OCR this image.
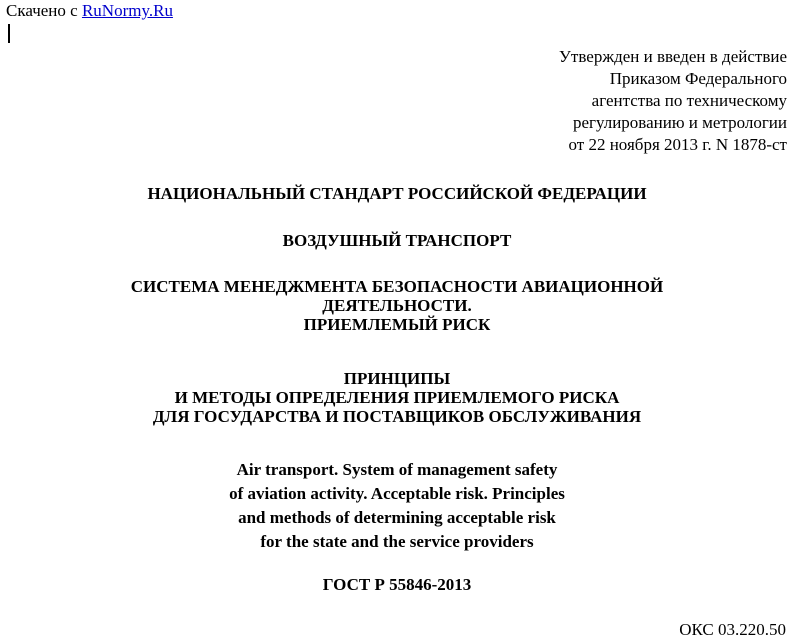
Скачено с RuNormy.Ru
Утвержден и введен в действие
Приказом Федерального
агентства по техническому
регулированию и метрологии
от 22 ноября 2013 г. N 1878-ст
НАЦИОНАЛЬНЫЙ СТАНДАРТ РОССИЙСКОЙ ФЕДЕРАЦИИ
ВОЗДУШНЫЙ ТРАНСПОРТ
СИСТЕМА МЕНЕДЖМЕНТА БЕЗОПАСНОСТИ АВИАЦИОННОЙ
ДЕЯТЕЛЬНОСТИ.
ПРИЕМЛЕМЫЙ РИСК
ПРИНЦИПЫ
И МЕТОДЫ ОПРЕДЕЛЕНИЯ ПРИЕМЛЕМОГО РИСКА
ДЛЯ ГОСУДАРСТВА И ПОСТАВЩИКОВ ОБСЛУЖИВАНИЯ
Air transport. System of management safety
of aviation activity. Acceptable risk. Principles
and methods of determining acceptable risk
for the state and the service providers
ГОСТ Р 55846-2013
ОКС 03.220.50
